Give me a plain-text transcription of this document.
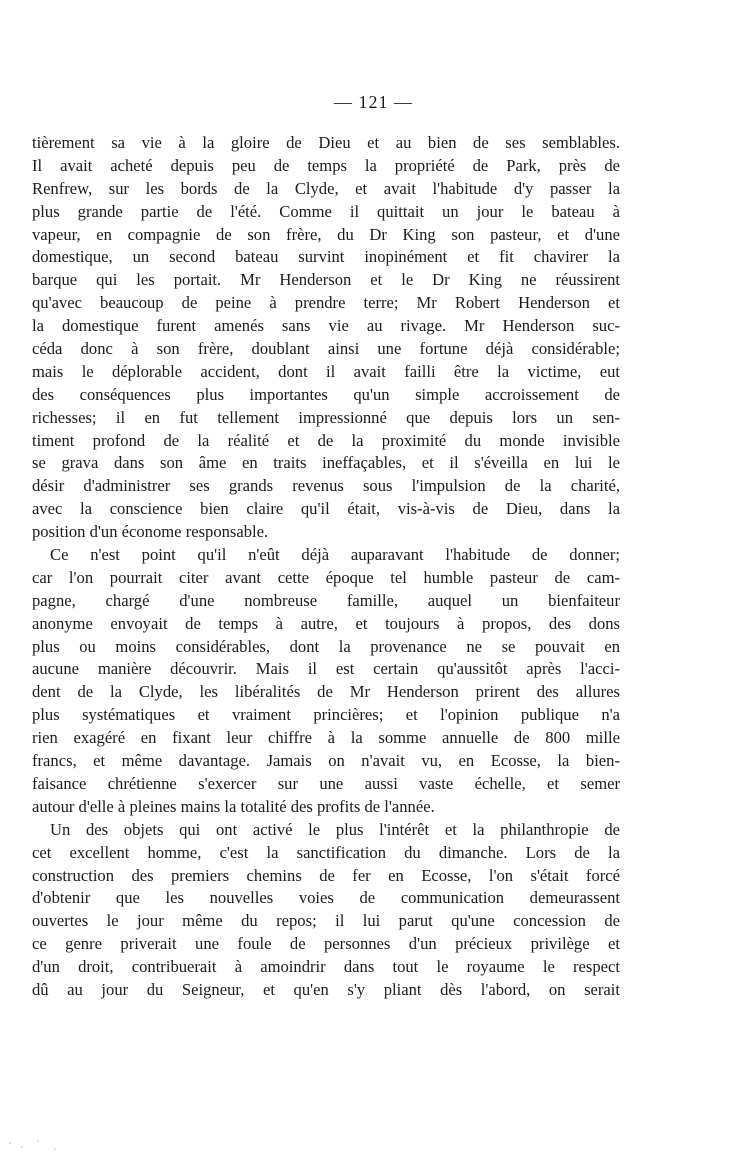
— 121 —
tièrement sa vie à la gloire de Dieu et au bien de ses semblables.
Il avait acheté depuis peu de temps la propriété de Park, près de
Renfrew, sur les bords de la Clyde, et avait l'habitude d'y passer la
plus grande partie de l'été. Comme il quittait un jour le bateau à
vapeur, en compagnie de son frère, du Dr King son pasteur, et d'une
domestique, un second bateau survint inopinément et fit chavirer la
barque qui les portait. Mr Henderson et le Dr King ne réussirent
qu'avec beaucoup de peine à prendre terre; Mr Robert Henderson et
la domestique furent amenés sans vie au rivage. Mr Henderson suc-
céda donc à son frère, doublant ainsi une fortune déjà considérable;
mais le déplorable accident, dont il avait failli être la victime, eut
des conséquences plus importantes qu'un simple accroissement de
richesses; il en fut tellement impressionné que depuis lors un sen-
timent profond de la réalité et de la proximité du monde invisible
se grava dans son âme en traits ineffaçables, et il s'éveilla en lui le
désir d'administrer ses grands revenus sous l'impulsion de la charité,
avec la conscience bien claire qu'il était, vis-à-vis de Dieu, dans la
position d'un économe responsable.
Ce n'est point qu'il n'eût déjà auparavant l'habitude de donner;
car l'on pourrait citer avant cette époque tel humble pasteur de cam-
pagne, chargé d'une nombreuse famille, auquel un bienfaiteur
anonyme envoyait de temps à autre, et toujours à propos, des dons
plus ou moins considérables, dont la provenance ne se pouvait en
aucune manière découvrir. Mais il est certain qu'aussitôt après l'acci-
dent de la Clyde, les libéralités de Mr Henderson prirent des allures
plus systématiques et vraiment princières; et l'opinion publique n'a
rien exagéré en fixant leur chiffre à la somme annuelle de 800 mille
francs, et même davantage. Jamais on n'avait vu, en Ecosse, la bien-
faisance chrétienne s'exercer sur une aussi vaste échelle, et semer
autour d'elle à pleines mains la totalité des profits de l'année.
Un des objets qui ont activé le plus l'intérêt et la philanthropie de
cet excellent homme, c'est la sanctification du dimanche. Lors de la
construction des premiers chemins de fer en Ecosse, l'on s'était forcé
d'obtenir que les nouvelles voies de communication demeurassent
ouvertes le jour même du repos; il lui parut qu'une concession de
ce genre priverait une foule de personnes d'un précieux privilège et
d'un droit, contribuerait à amoindrir dans tout le royaume le respect
dû au jour du Seigneur, et qu'en s'y pliant dès l'abord, on serait
